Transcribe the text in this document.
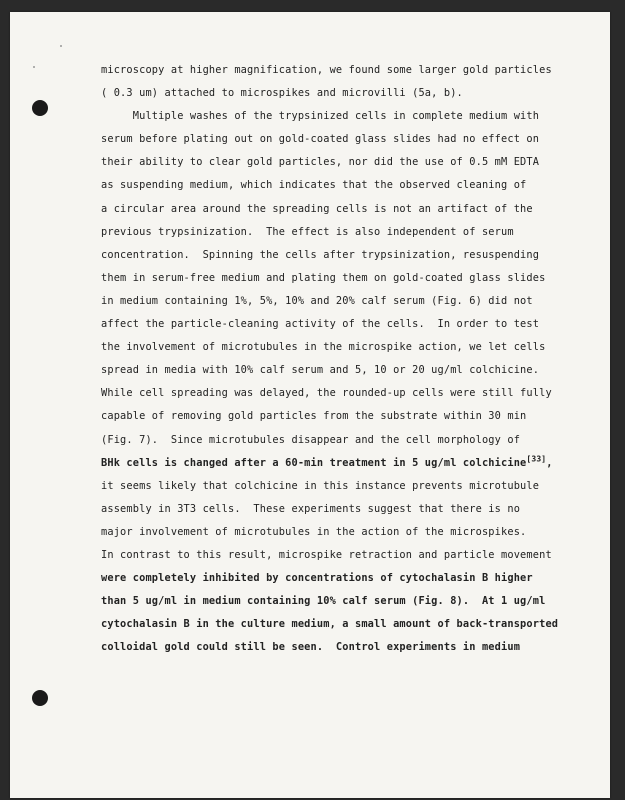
microscopy at higher magnification, we found some larger gold particles
( 0.3 um) attached to microspikes and microvilli (5a, b).
Multiple washes of the trypsinized cells in complete medium with
serum before plating out on gold-coated glass slides had no effect on
their ability to clear gold particles, nor did the use of 0.5 mM EDTA
as suspending medium, which indicates that the observed cleaning of
a circular area around the spreading cells is not an artifact of the
previous trypsinization.  The effect is also independent of serum
concentration.  Spinning the cells after trypsinization, resuspending
them in serum-free medium and plating them on gold-coated glass slides
in medium containing 1%, 5%, 10% and 20% calf serum (Fig. 6) did not
affect the particle-cleaning activity of the cells.  In order to test
the involvement of microtubules in the microspike action, we let cells
spread in media with 10% calf serum and 5, 10 or 20 ug/ml colchicine.
While cell spreading was delayed, the rounded-up cells were still fully
capable of removing gold particles from the substrate within 30 min
(Fig. 7).  Since microtubules disappear and the cell morphology of
BHk cells is changed after a 60-min treatment in 5 ug/ml colchicine[33],
it seems likely that colchicine in this instance prevents microtubule
assembly in 3T3 cells.  These experiments suggest that there is no
major involvement of microtubules in the action of the microspikes.
In contrast to this result, microspike retraction and particle movement
were completely inhibited by concentrations of cytochalasin B higher
than 5 ug/ml in medium containing 10% calf serum (Fig. 8).  At 1 ug/ml
cytochalasin B in the culture medium, a small amount of back-transported
colloidal gold could still be seen.  Control experiments in medium
